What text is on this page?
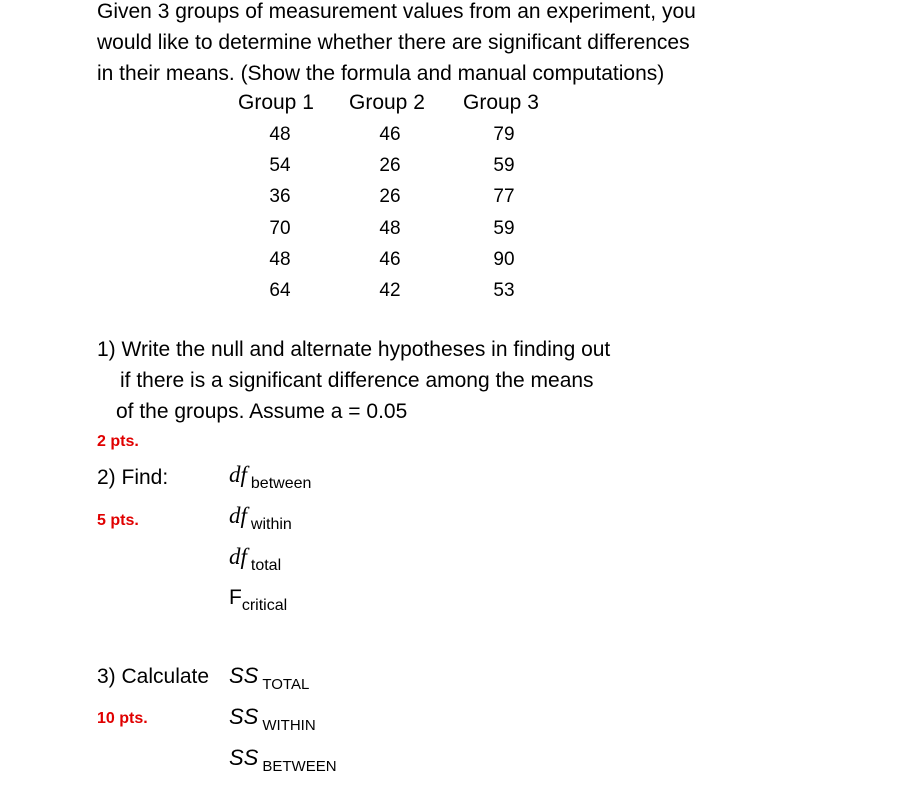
Given 3 groups of measurement values from an experiment, you
would like to determine whether there are significant differences
in their means. (Show the formula and manual computations)
Group 1 Group 2 Group 3
48	46	79
54	26	59
36	26	77
70	48	59
48	46	90
64	42	53
1) Write the null and alternate hypotheses in finding out
if there is a significant difference among the means
of the groups. Assume a = 0.05
2 pts.
2) Find:
5 pts.
df $_{between}$
df $_{within}$
df $_{total}$
$F_{critical}$
3) Calculate
10 pts.
SS $_{TOTAL}$
SS $_{WITHIN}$
SS $_{BETWEEN}$
